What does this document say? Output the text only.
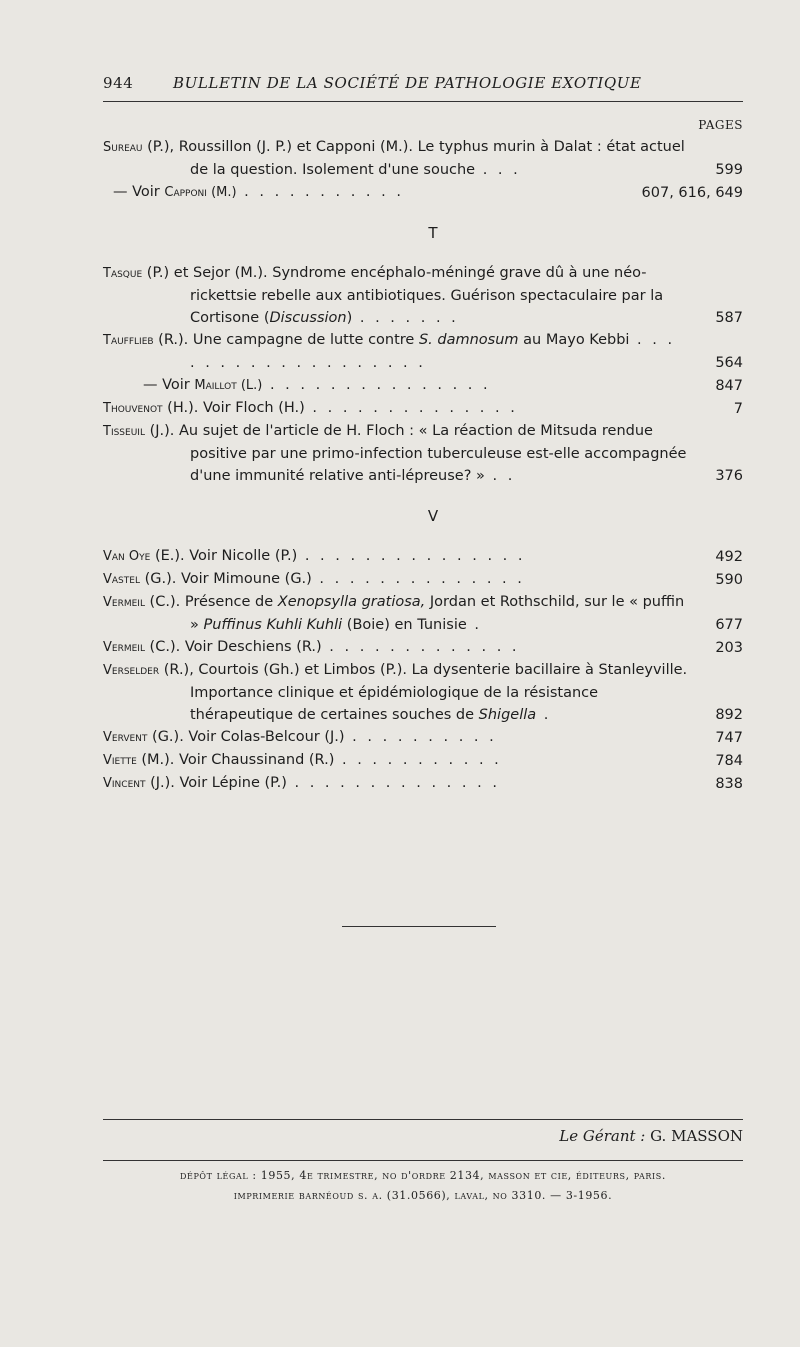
944	BULLETIN DE LA SOCIÉTÉ DE PATHOLOGIE EXOTIQUE
PAGES
Sureau (P.), Roussillon (J. P.) et Capponi (M.). Le typhus murin à Dalat : état actuel de la question. Isolement d'une souche . . .	599
— Voir Capponi (M.) . . . . . . . . . . .	607, 616, 649
T
Tasque (P.) et Sejor (M.). Syndrome encéphalo-méningé grave dû à une néo-rickettsie rebelle aux antibiotiques. Guérison spectaculaire par la Cortisone (Discussion) . . . . . . .	587
Taufflieb (R.). Une campagne de lutte contre S. damnosum au Mayo Kebbi . . . . . . . . . . . . . . . . . . .	564
— Voir Maillot (L.) . . . . . . . . . . . . . . .	847
Thouvenot (H.). Voir Floch (H.) . . . . . . . . . . . . . .	7
Tisseuil (J.). Au sujet de l'article de H. Floch : « La réaction de Mitsuda rendue positive par une primo-infection tuberculeuse est-elle accompagnée d'une immunité relative anti-lépreuse? » . .	376
V
Van Oye (E.). Voir Nicolle (P.) . . . . . . . . . . . . . . .	492
Vastel (G.). Voir Mimoune (G.) . . . . . . . . . . . . . .	590
Vermeil (C.). Présence de Xenopsylla gratiosa, Jordan et Rothschild, sur le « puffin » Puffinus Kuhli Kuhli (Boie) en Tunisie .	677
Vermeil (C.). Voir Deschiens (R.) . . . . . . . . . . . . .	203
Verselder (R.), Courtois (Gh.) et Limbos (P.). La dysenterie bacillaire à Stanleyville. Importance clinique et épidémiologique de la résistance thérapeutique de certaines souches de Shigella .	892
Vervent (G.). Voir Colas-Belcour (J.) . . . . . . . . . .	747
Viette (M.). Voir Chaussinand (R.) . . . . . . . . . . .	784
Vincent (J.). Voir Lépine (P.) . . . . . . . . . . . . . .	838
Le Gérant : G. MASSON
dépôt légal : 1955, 4e trimestre, no d'ordre 2134, masson et cie, éditeurs, paris.
imprimerie barnéoud s. a. (31.0566), laval, no 3310. — 3-1956.
